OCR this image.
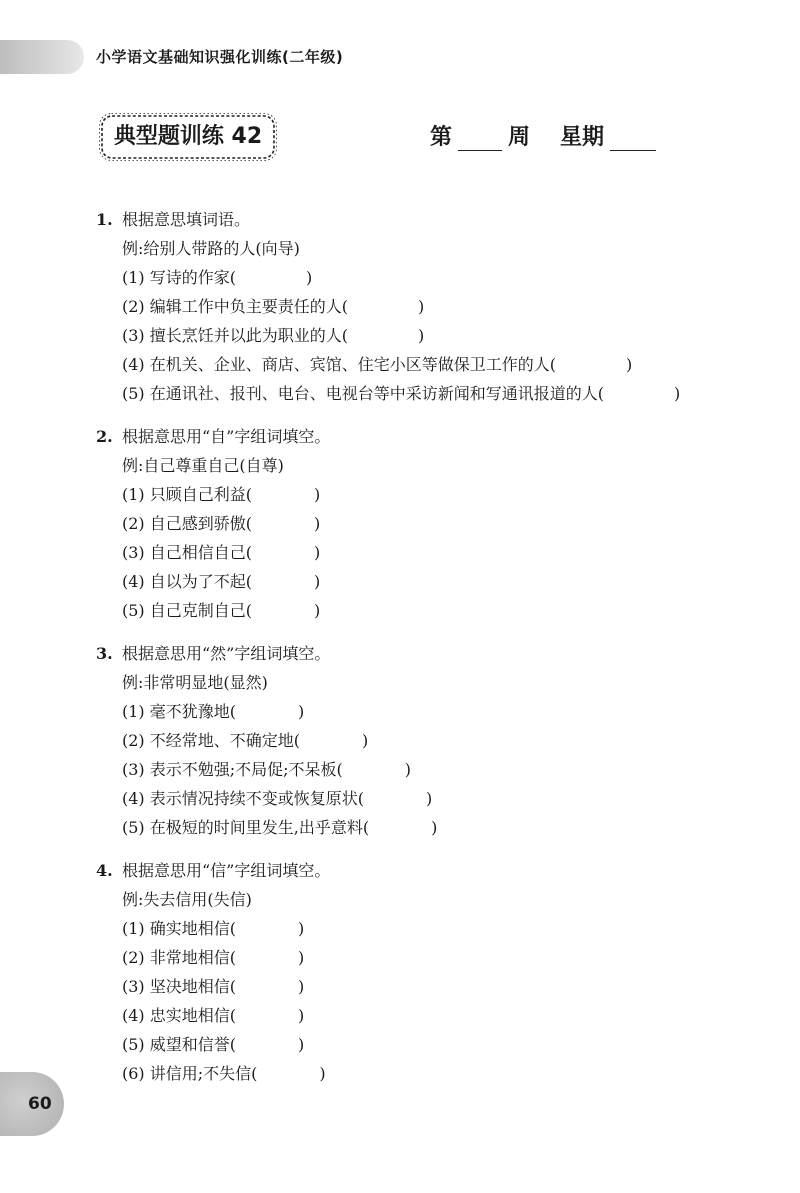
小学语文基础知识强化训练(二年级)
典型题训练 42	第	周 星期
1. 根据意思填词语。
例:给别人带路的人(向导)
(1) 写诗的作家(	)
(2) 编辑工作中负主要责任的人(	)
(3) 擅长烹饪并以此为职业的人(	)
(4) 在机关、企业、商店、宾馆、住宅小区等做保卫工作的人(	)
(5) 在通讯社、报刊、电台、电视台等中采访新闻和写通讯报道的人(	)
2. 根据意思用“自”字组词填空。
例:自己尊重自己(自尊)
(1) 只顾自己利益(	)
(2) 自己感到骄傲(	)
(3) 自己相信自己(	)
(4) 自以为了不起(	)
(5) 自己克制自己(	)
3. 根据意思用“然”字组词填空。
例:非常明显地(显然)
(1) 毫不犹豫地(	)
(2) 不经常地、不确定地(	)
(3) 表示不勉强;不局促;不呆板(	)
(4) 表示情况持续不变或恢复原状(	)
(5) 在极短的时间里发生,出乎意料(	)
4. 根据意思用“信”字组词填空。
例:失去信用(失信)
(1) 确实地相信(	)
(2) 非常地相信(	)
(3) 坚决地相信(	)
(4) 忠实地相信(	)
(5) 威望和信誉(	)
(6) 讲信用;不失信(	)
60
